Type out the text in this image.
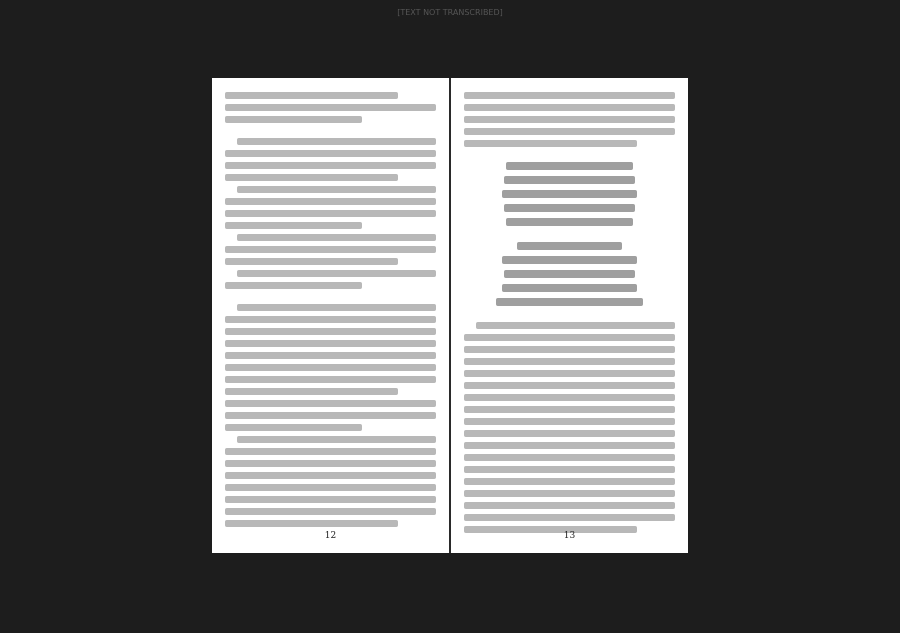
12	13
[TEXT NOT TRANSCRIBED]
